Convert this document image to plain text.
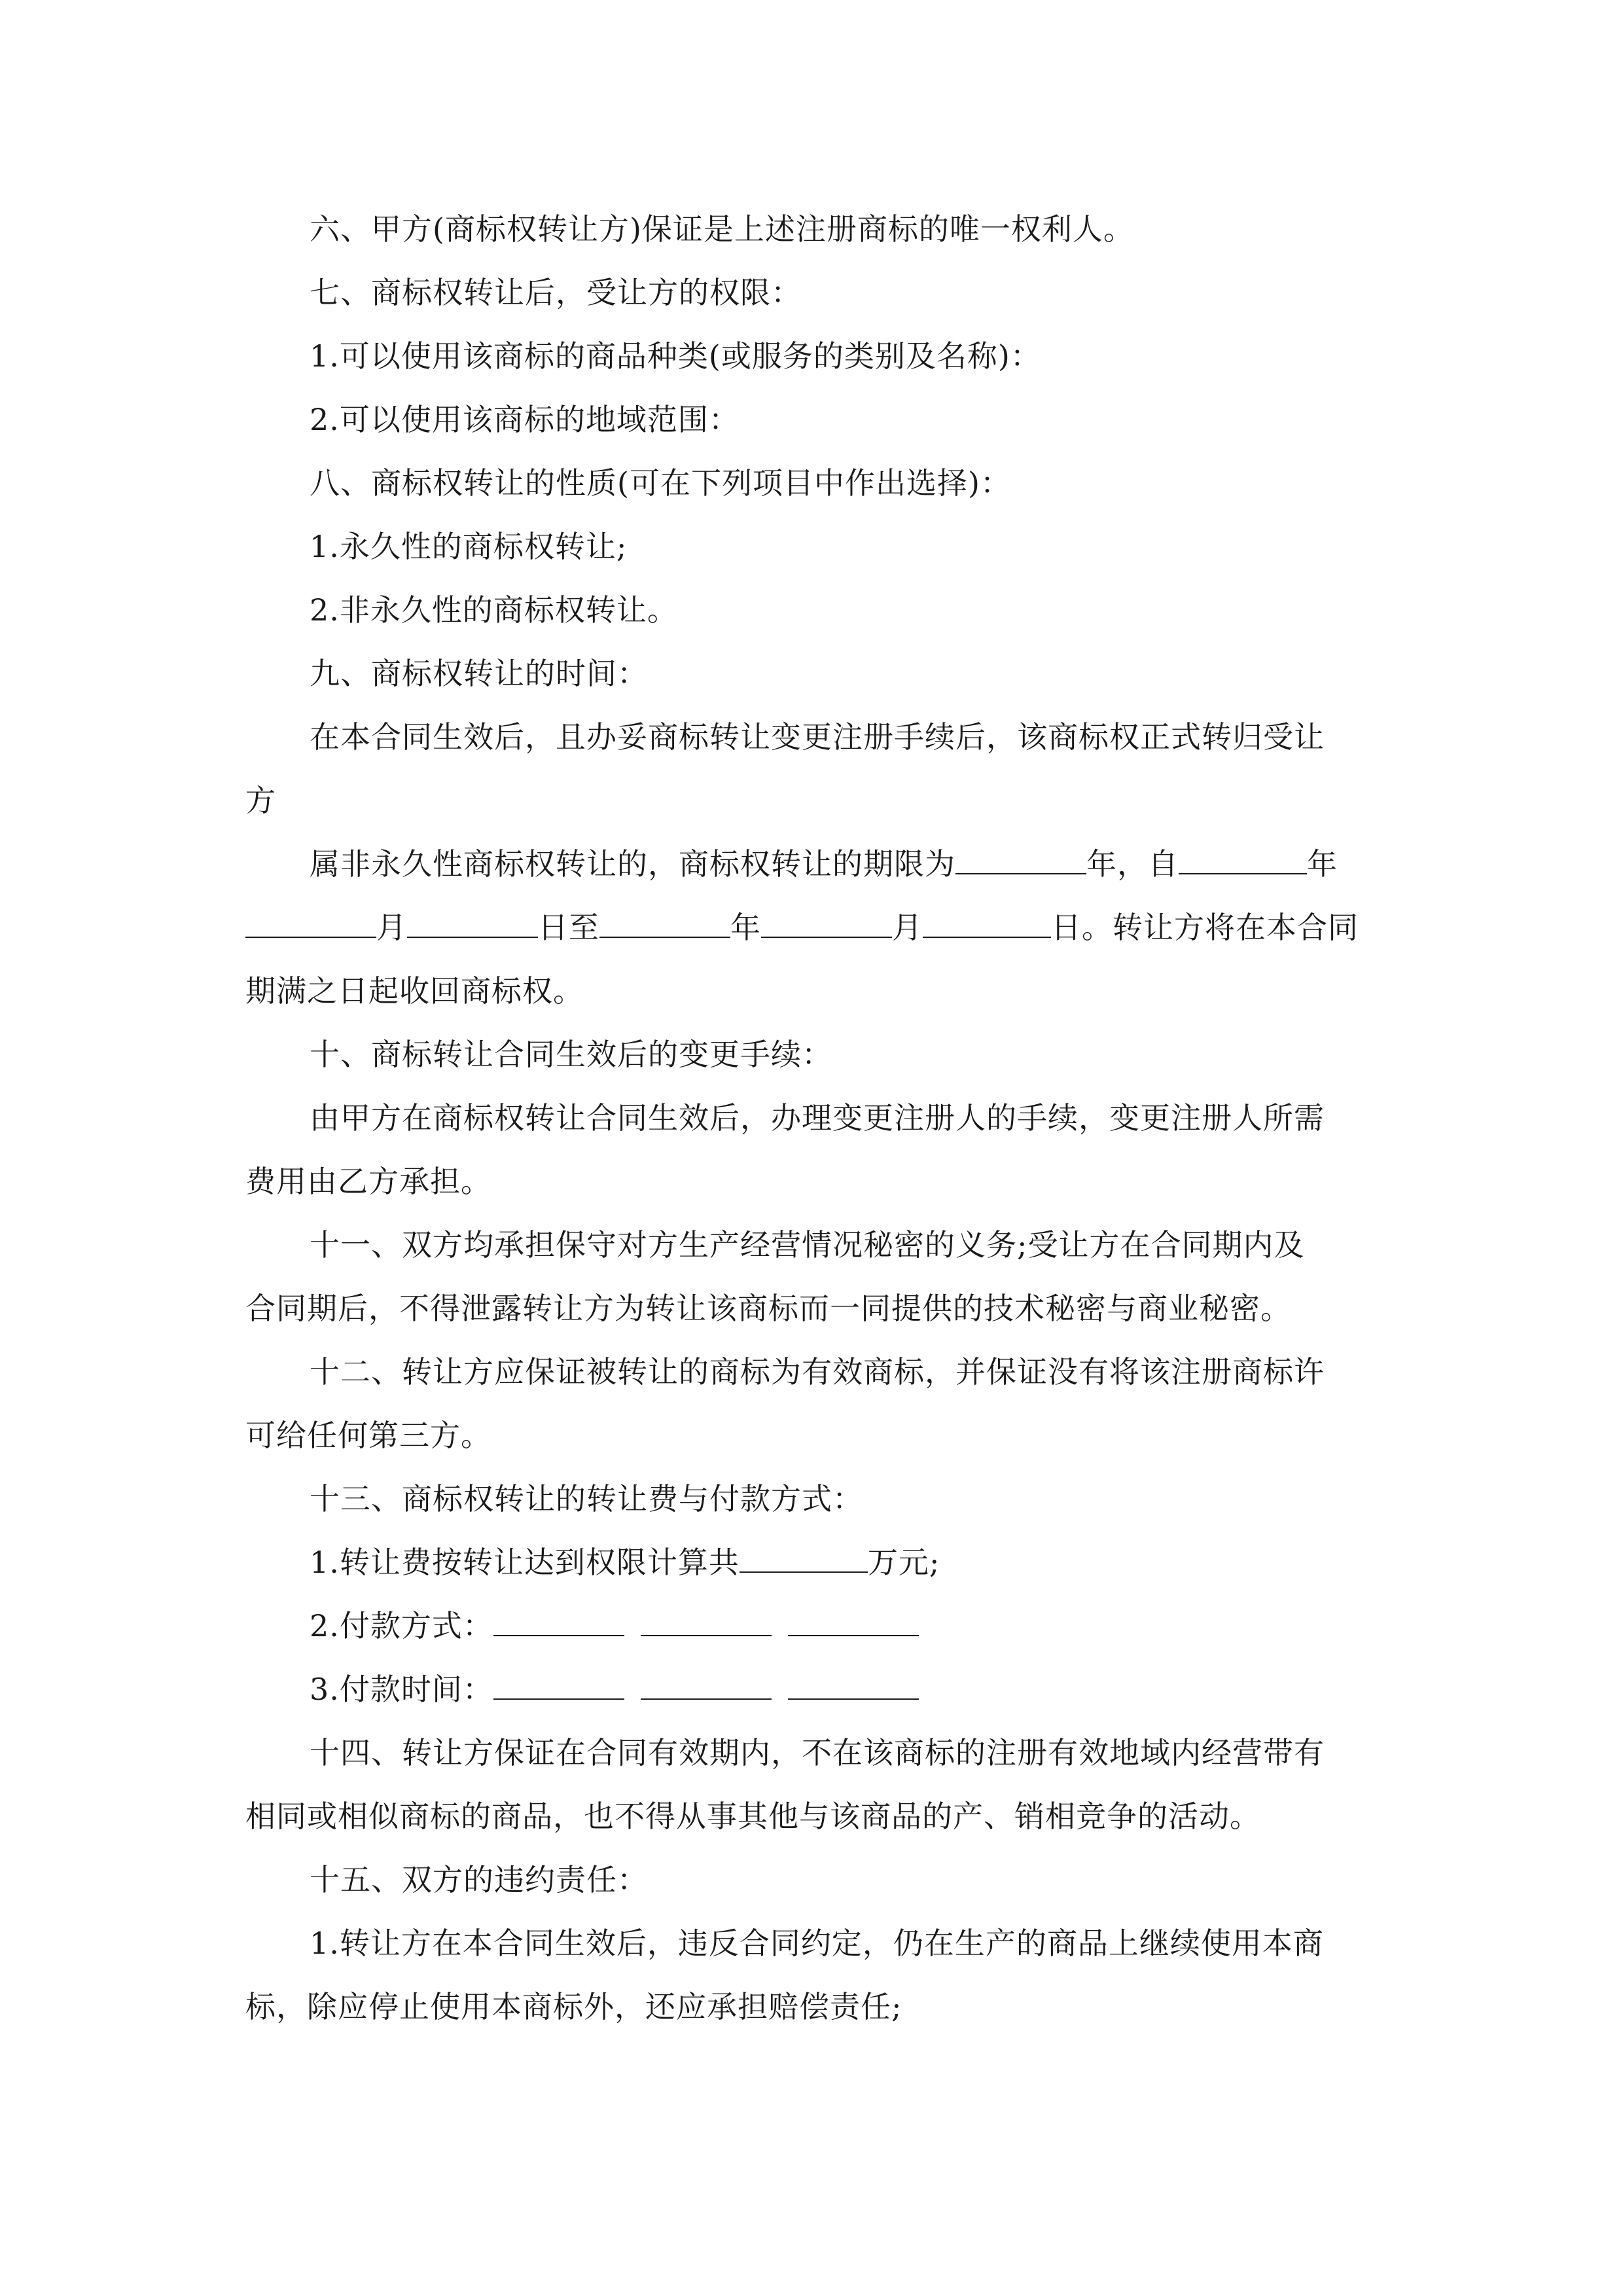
六、甲方(商标权转让方)保证是上述注册商标的唯一权利人。
七、商标权转让后，受让方的权限：
1.可以使用该商标的商品种类(或服务的类别及名称)：
2.可以使用该商标的地域范围：
八、商标权转让的性质(可在下列项目中作出选择)：
1.永久性的商标权转让;
2.非永久性的商标权转让。
九、商标权转让的时间：
在本合同生效后，且办妥商标转让变更注册手续后，该商标权正式转归受让
方
属非永久性商标权转让的，商标权转让的期限为	年，自	年
月	日至	年	月	日。转让方将在本合同
期满之日起收回商标权。
十、商标转让合同生效后的变更手续：
由甲方在商标权转让合同生效后，办理变更注册人的手续，变更注册人所需
费用由乙方承担。
十一、双方均承担保守对方生产经营情况秘密的义务;受让方在合同期内及
合同期后，不得泄露转让方为转让该商标而一同提供的技术秘密与商业秘密。
十二、转让方应保证被转让的商标为有效商标，并保证没有将该注册商标许
可给任何第三方。
十三、商标权转让的转让费与付款方式：
1.转让费按转让达到权限计算共	万元;
2.付款方式：
3.付款时间：
十四、转让方保证在合同有效期内，不在该商标的注册有效地域内经营带有
相同或相似商标的商品，也不得从事其他与该商品的产、销相竞争的活动。
十五、双方的违约责任：
1.转让方在本合同生效后，违反合同约定，仍在生产的商品上继续使用本商
标，除应停止使用本商标外，还应承担赔偿责任;
